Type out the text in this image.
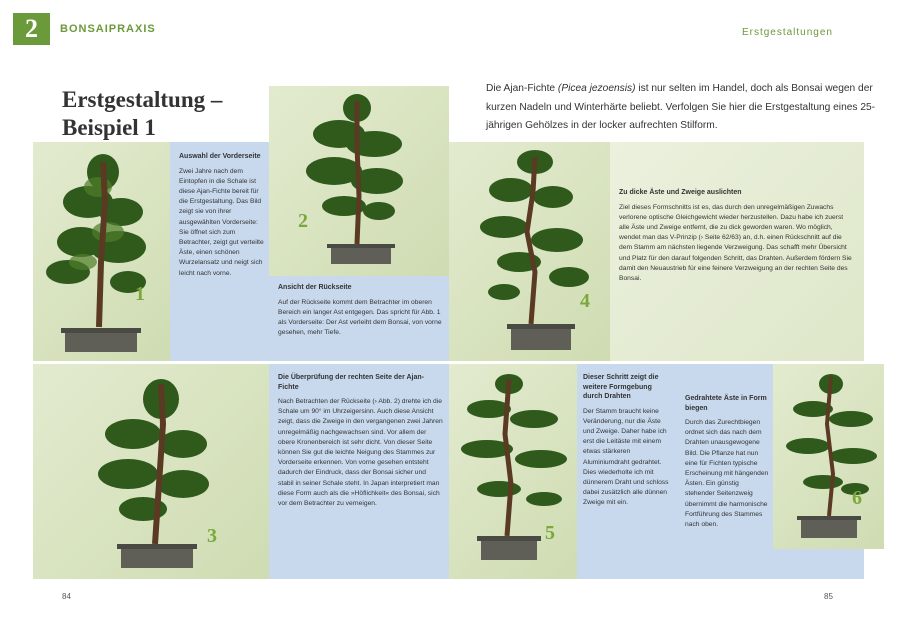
2 BONSAIPRAXIS	Erstgestaltungen
Erstgestaltung – Beispiel 1
Die Ajan-Fichte (Picea jezoensis) ist nur selten im Handel, doch als Bonsai wegen der kurzen Nadeln und Winterhärte beliebt. Verfolgen Sie hier die Erstgestaltung eines 25-jährigen Gehölzes in der locker aufrechten Stilform.
1
2
4
3	5
6
Auswahl der Vorderseite
Zwei Jahre nach dem Eintopfen in die Schale ist diese Ajan-Fichte bereit für die Erstgestaltung. Das Bild zeigt sie von ihrer ausgewählten Vorderseite: Sie öffnet sich zum Betrachter, zeigt gut verteilte Äste, einen schönen Wurzelansatz und neigt sich leicht nach vorne.
Ansicht der Rückseite
Auf der Rückseite kommt dem Betrachter im oberen Bereich ein langer Ast entgegen. Das spricht für Abb. 1 als Vorderseite: Der Ast verleiht dem Bonsai, von vorne gesehen, mehr Tiefe.
Zu dicke Äste und Zweige auslichten
Ziel dieses Formschnitts ist es, das durch den unregelmäßigen Zuwachs verlorene optische Gleichgewicht wieder herzustellen. Dazu habe ich zuerst alle Äste und Zweige entfernt, die zu dick geworden waren. Wo möglich, wendet man das V-Prinzip (› Seite 62/63) an, d.h. einen Rückschnitt auf die dem Stamm am nächsten liegende Verzweigung. Das schafft mehr Übersicht und Platz für den darauf folgenden Schritt, das Drahten. Außerdem fördern Sie damit den Neuaustrieb für eine feinere Verzweigung an der rechten Seite des Bonsai.
Die Überprüfung der rechten Seite der Ajan-Fichte
Nach Betrachten der Rückseite (› Abb. 2) drehte ich die Schale um 90° im Uhrzeigersinn. Auch diese Ansicht zeigt, dass die Zweige in den vergangenen zwei Jahren unregelmäßig nachgewachsen sind. Vor allem der obere Kronenbereich ist sehr dicht. Von dieser Seite können Sie gut die leichte Neigung des Stammes zur Vorderseite erkennen. Von vorne gesehen entsteht dadurch der Eindruck, dass der Bonsai sicher und stabil in seiner Schale steht. In Japan interpretiert man diese Form auch als die »Höflichkeit« des Bonsai, sich vor dem Betrachter zu verneigen.
Dieser Schritt zeigt die weitere Formgebung durch Drahten
Der Stamm braucht keine Veränderung, nur die Äste und Zweige. Daher habe ich erst die Leitäste mit einem etwas stärkeren Aluminiumdraht gedrahtet. Dies wiederholte ich mit dünnerem Draht und schloss dabei zusätzlich alle dünnen Zweige mit ein.
Gedrahtete Äste in Form biegen
Durch das Zurechtbiegen ordnet sich das nach dem Drahten unausgewogene Bild. Die Pflanze hat nun eine für Fichten typische Erscheinung mit hängenden Ästen. Ein günstig stehender Seitenzweig übernimmt die harmonische Fortführung des Stammes nach oben.
84	85
